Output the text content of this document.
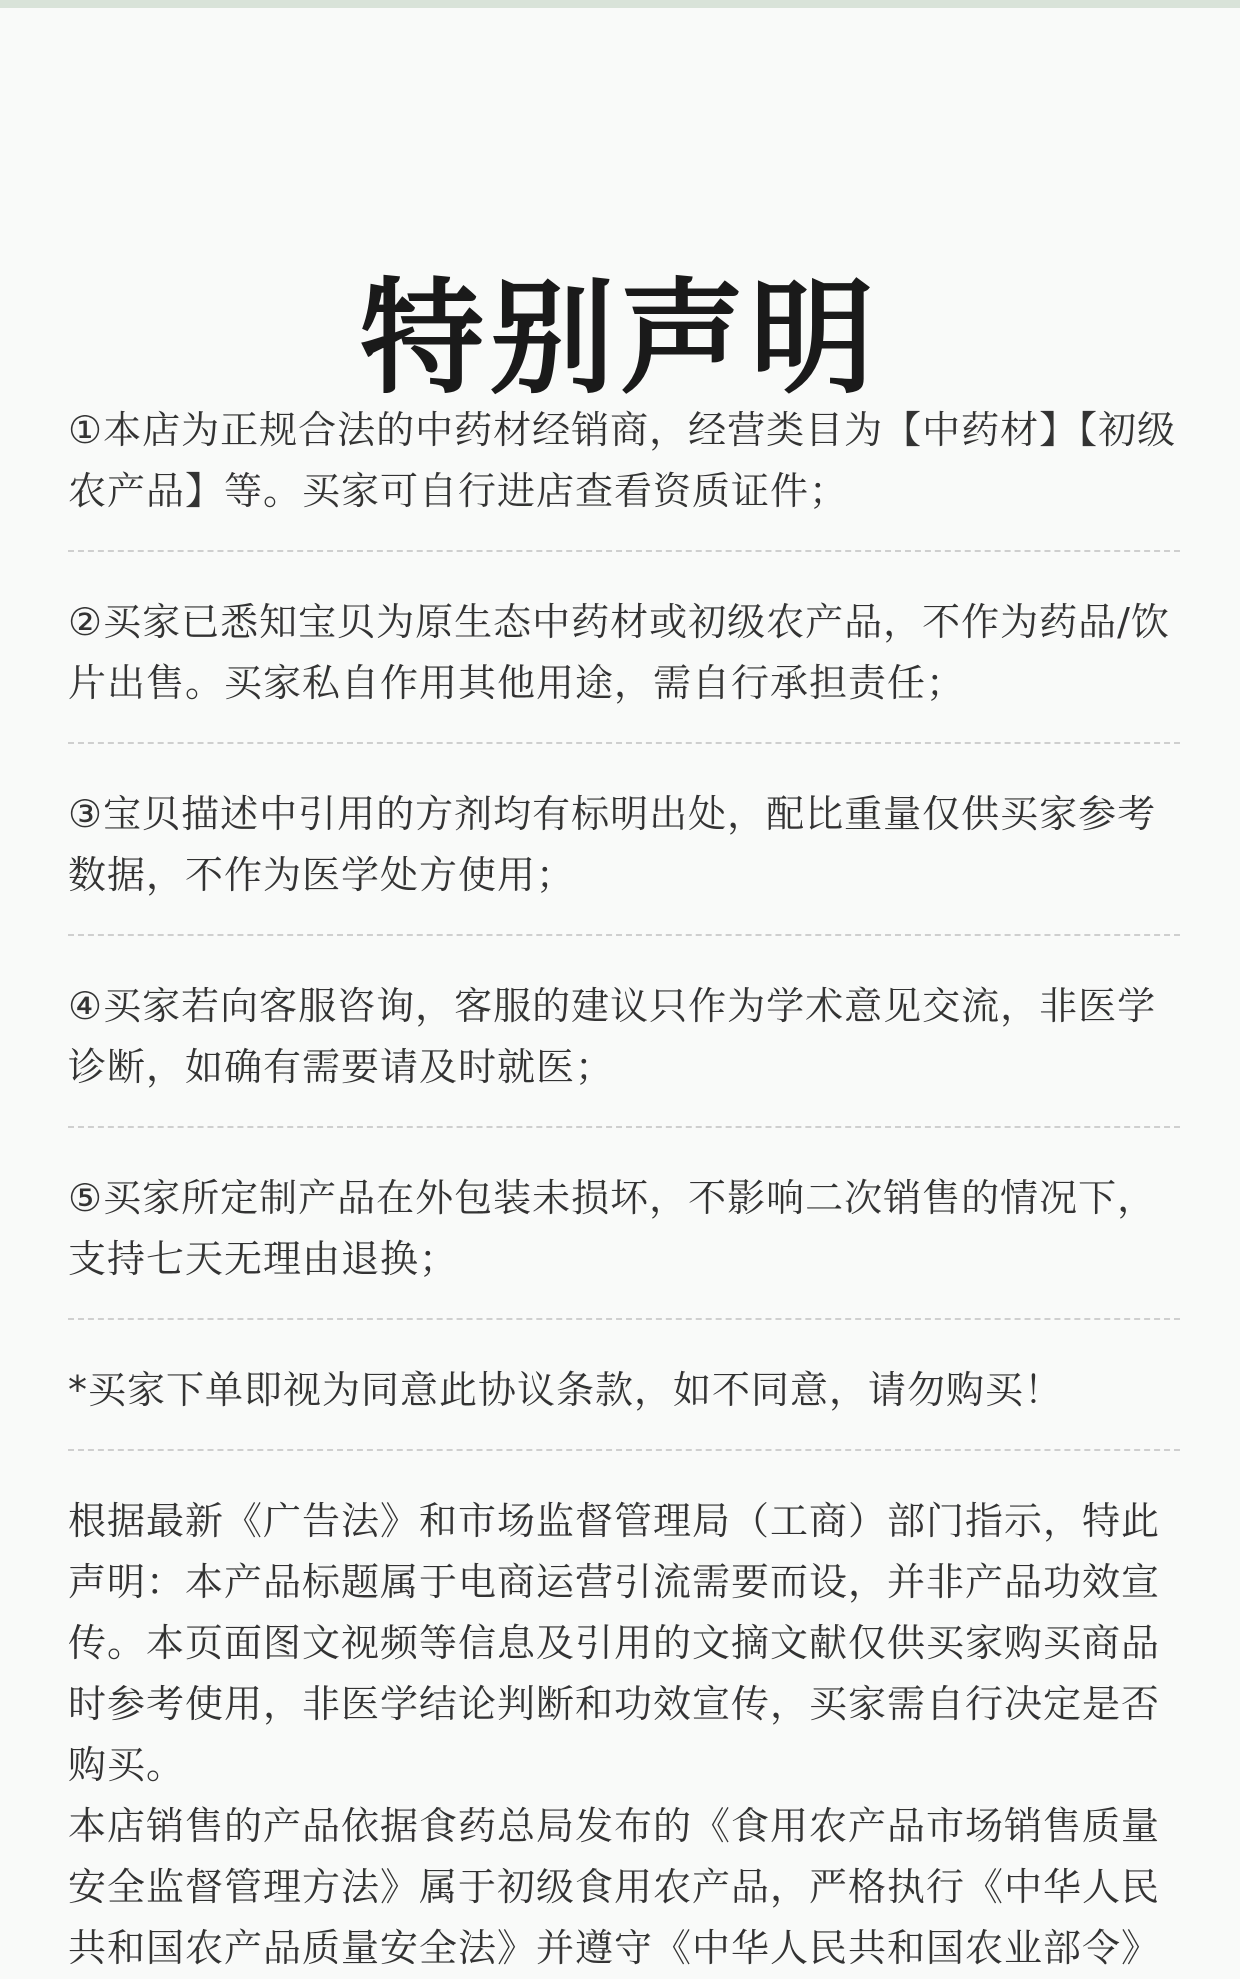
特别声明
①本店为正规合法的中药材经销商，经营类目为【中药材】【初级农产品】等。买家可自行进店查看资质证件；
②买家已悉知宝贝为原生态中药材或初级农产品，不作为药品/饮片出售。买家私自作用其他用途，需自行承担责任；
③宝贝描述中引用的方剂均有标明出处，配比重量仅供买家参考数据，不作为医学处方使用；
④买家若向客服咨询，客服的建议只作为学术意见交流，非医学诊断，如确有需要请及时就医；
⑤买家所定制产品在外包装未损坏，不影响二次销售的情况下，支持七天无理由退换；
*买家下单即视为同意此协议条款，如不同意，请勿购买！

根据最新《广告法》和市场监督管理局（工商）部门指示，特此声明：本产品标题属于电商运营引流需要而设，并非产品功效宣传。本页面图文视频等信息及引用的文摘文献仅供买家购买商品时参考使用，非医学结论判断和功效宣传，买家需自行决定是否购买。

本店销售的产品依据食药总局发布的《食用农产品市场销售质量安全监督管理方法》属于初级食用农产品，严格执行《中华人民共和国农产品质量安全法》并遵守《中华人民共和国农业部令》
